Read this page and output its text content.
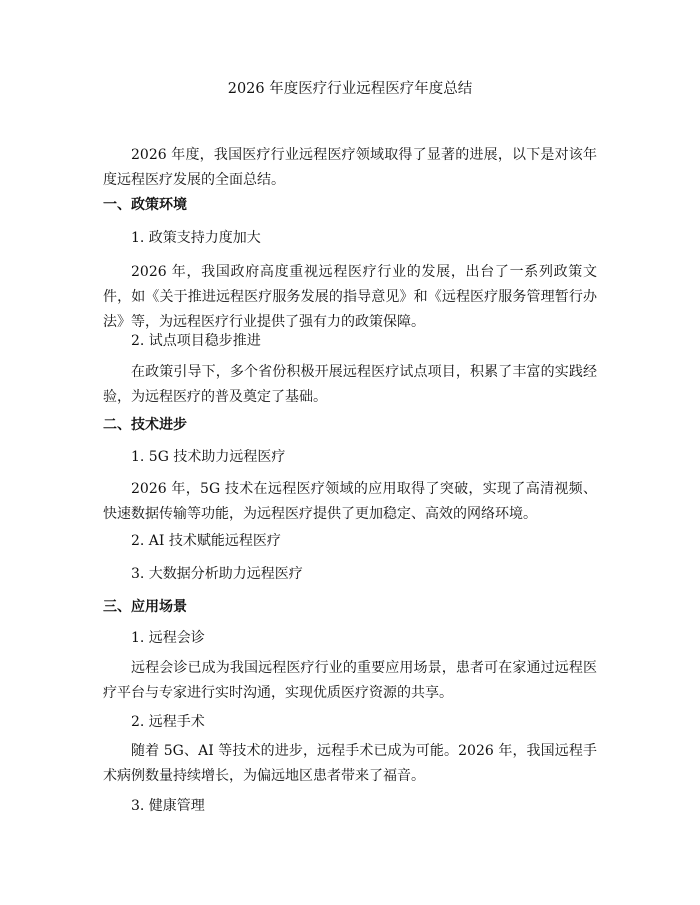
2026 年度医疗行业远程医疗年度总结

2026 年度，我国医疗行业远程医疗领域取得了显著的进展，以下是对该年度远程医疗发展的全面总结。

一、政策环境
1. 政策支持力度加大

2026 年，我国政府高度重视远程医疗行业的发展，出台了一系列政策文件，如《关于推进远程医疗服务发展的指导意见》和《远程医疗服务管理暂行办法》等，为远程医疗行业提供了强有力的政策保障。

2. 试点项目稳步推进

在政策引导下，多个省份积极开展远程医疗试点项目，积累了丰富的实践经验，为远程医疗的普及奠定了基础。

二、技术进步
1. 5G 技术助力远程医疗

2026 年，5G 技术在远程医疗领域的应用取得了突破，实现了高清视频、快速数据传输等功能，为远程医疗提供了更加稳定、高效的网络环境。

2. AI 技术赋能远程医疗
3. 大数据分析助力远程医疗
三、应用场景
1. 远程会诊

远程会诊已成为我国远程医疗行业的重要应用场景，患者可在家通过远程医疗平台与专家进行实时沟通，实现优质医疗资源的共享。

2. 远程手术

随着 5G、AI 等技术的进步，远程手术已成为可能。2026 年，我国远程手术病例数量持续增长，为偏远地区患者带来了福音。

3. 健康管理
